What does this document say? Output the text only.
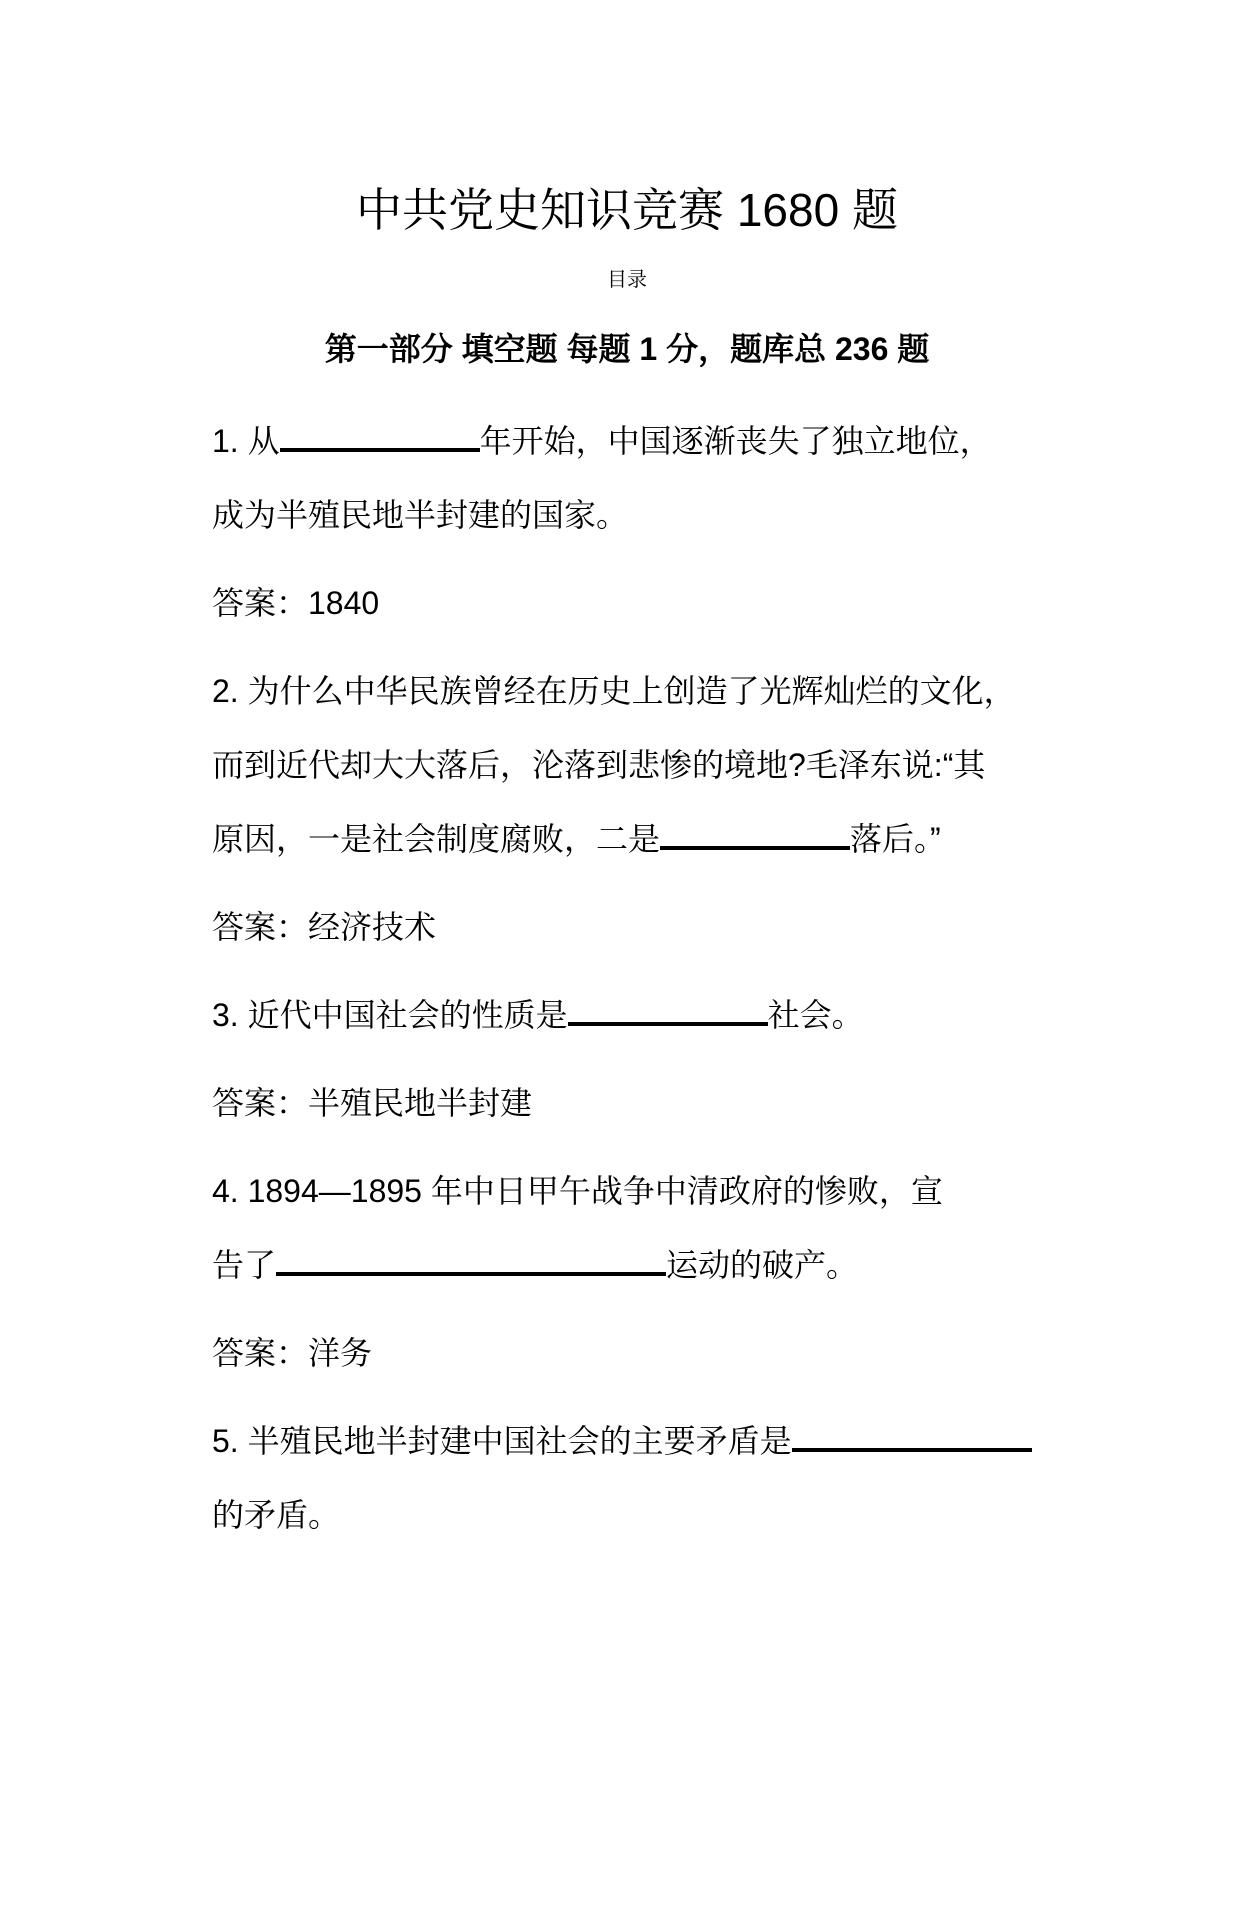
中共党史知识竞赛 1680 题
目录
第一部分 填空题 每题 1 分，题库总 236 题

1. 从	年开始，中国逐渐丧失了独立地位，
成为半殖民地半封建的国家。

答案：1840

2. 为什么中华民族曾经在历史上创造了光辉灿烂的文化，
而到近代却大大落后，沦落到悲惨的境地?毛泽东说:“其
原因，一是社会制度腐败，二是	落后。”

答案：经济技术

3. 近代中国社会的性质是	社会。

答案：半殖民地半封建

4. 1894—1895 年中日甲午战争中清政府的惨败，宣
告了	运动的破产。

答案：洋务

5. 半殖民地半封建中国社会的主要矛盾是
的矛盾。
